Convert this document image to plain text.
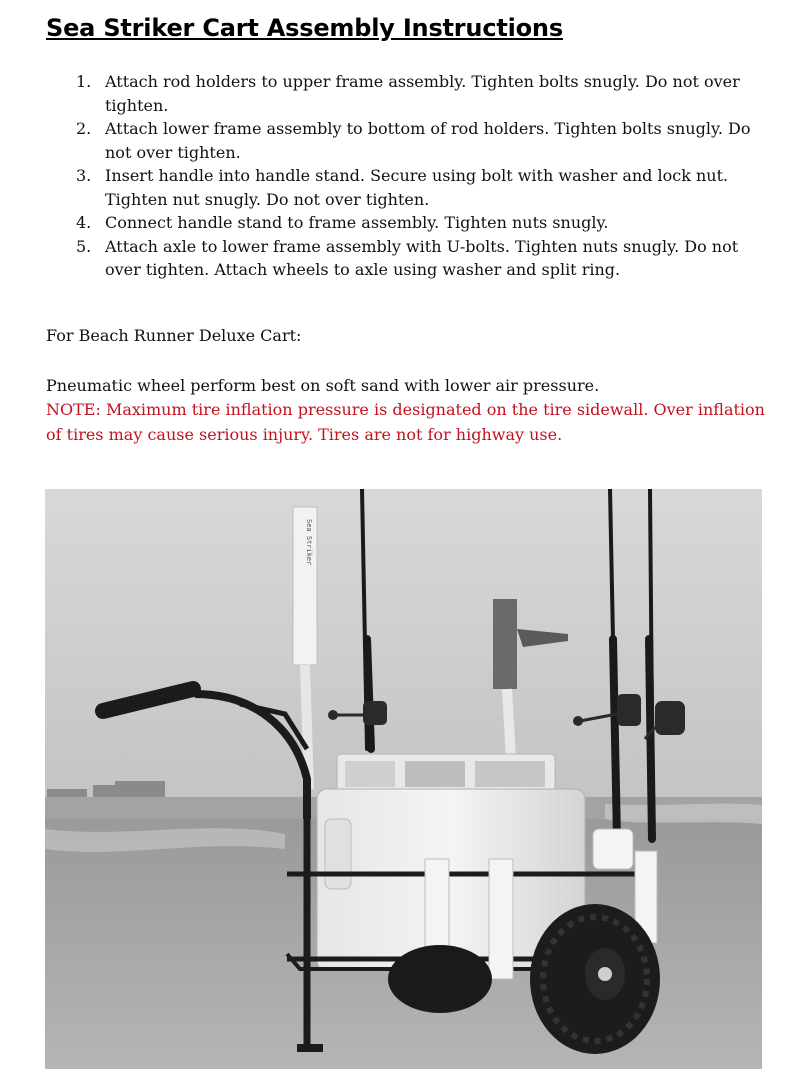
Sea Striker Cart Assembly Instructions
1. Attach rod holders to upper frame assembly. Tighten bolts snugly. Do not over tighten.
2. Attach lower frame assembly to bottom of rod holders. Tighten bolts snugly. Do not over tighten.
3. Insert handle into handle stand. Secure using bolt with washer and lock nut. Tighten nut snugly. Do not over tighten.
4. Connect handle stand to frame assembly. Tighten nuts snugly.
5. Attach axle to lower frame assembly with U-bolts. Tighten nuts snugly. Do not over tighten. Attach wheels to axle using washer and split ring.

For Beach Runner Deluxe Cart:

Pneumatic wheel perform best on soft sand with lower air pressure.

NOTE: Maximum tire inflation pressure is designated on the tire sidewall. Over inflation of tires may cause serious injury. Tires are not for highway use.

Sea Striker
